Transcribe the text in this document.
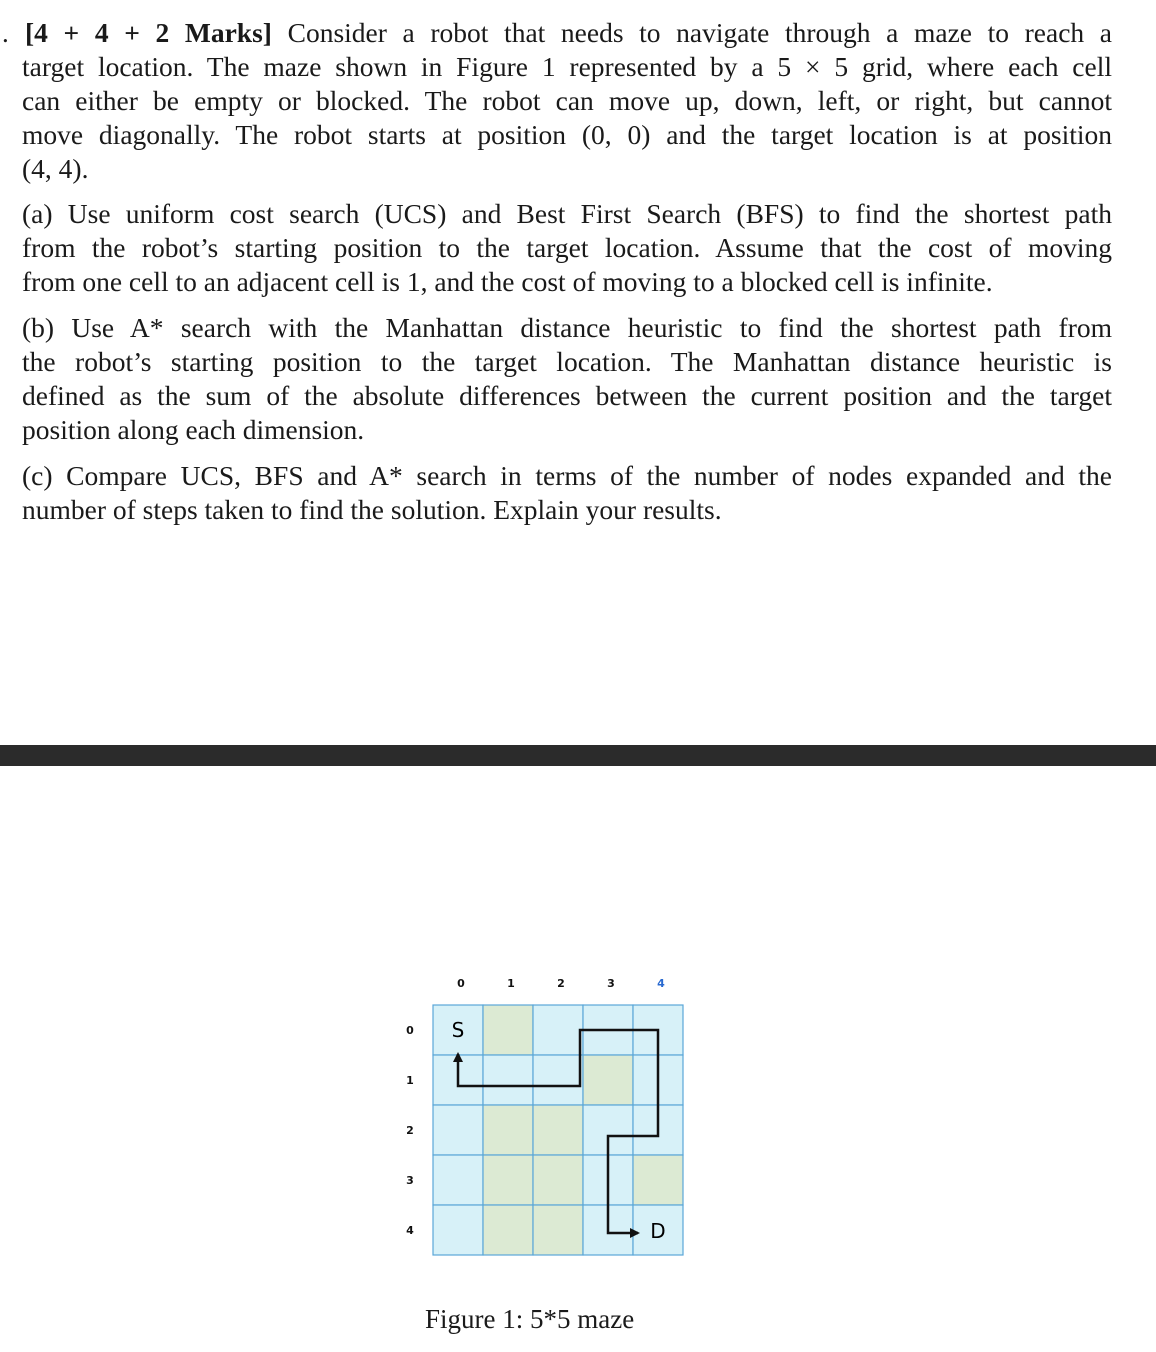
. [4 + 4 + 2 Marks] Consider a robot that needs to navigate through a maze to reach a
target location. The maze shown in Figure 1 represented by a 5 × 5 grid, where each cell
can either be empty or blocked. The robot can move up, down, left, or right, but cannot
move diagonally. The robot starts at position (0, 0) and the target location is at position
(4, 4).

(a) Use uniform cost search (UCS) and Best First Search (BFS) to find the shortest path
from the robot’s starting position to the target location. Assume that the cost of moving
from one cell to an adjacent cell is 1, and the cost of moving to a blocked cell is infinite.

(b) Use A* search with the Manhattan distance heuristic to find the shortest path from
the robot’s starting position to the target location. The Manhattan distance heuristic is
defined as the sum of the absolute differences between the current position and the target
position along each dimension.

(c) Compare UCS, BFS and A* search in terms of the number of nodes expanded and the
number of steps taken to find the solution. Explain your results.

0	1	2	3	4
0
1
2
3
4
S
D
Figure 1: 5*5 maze
